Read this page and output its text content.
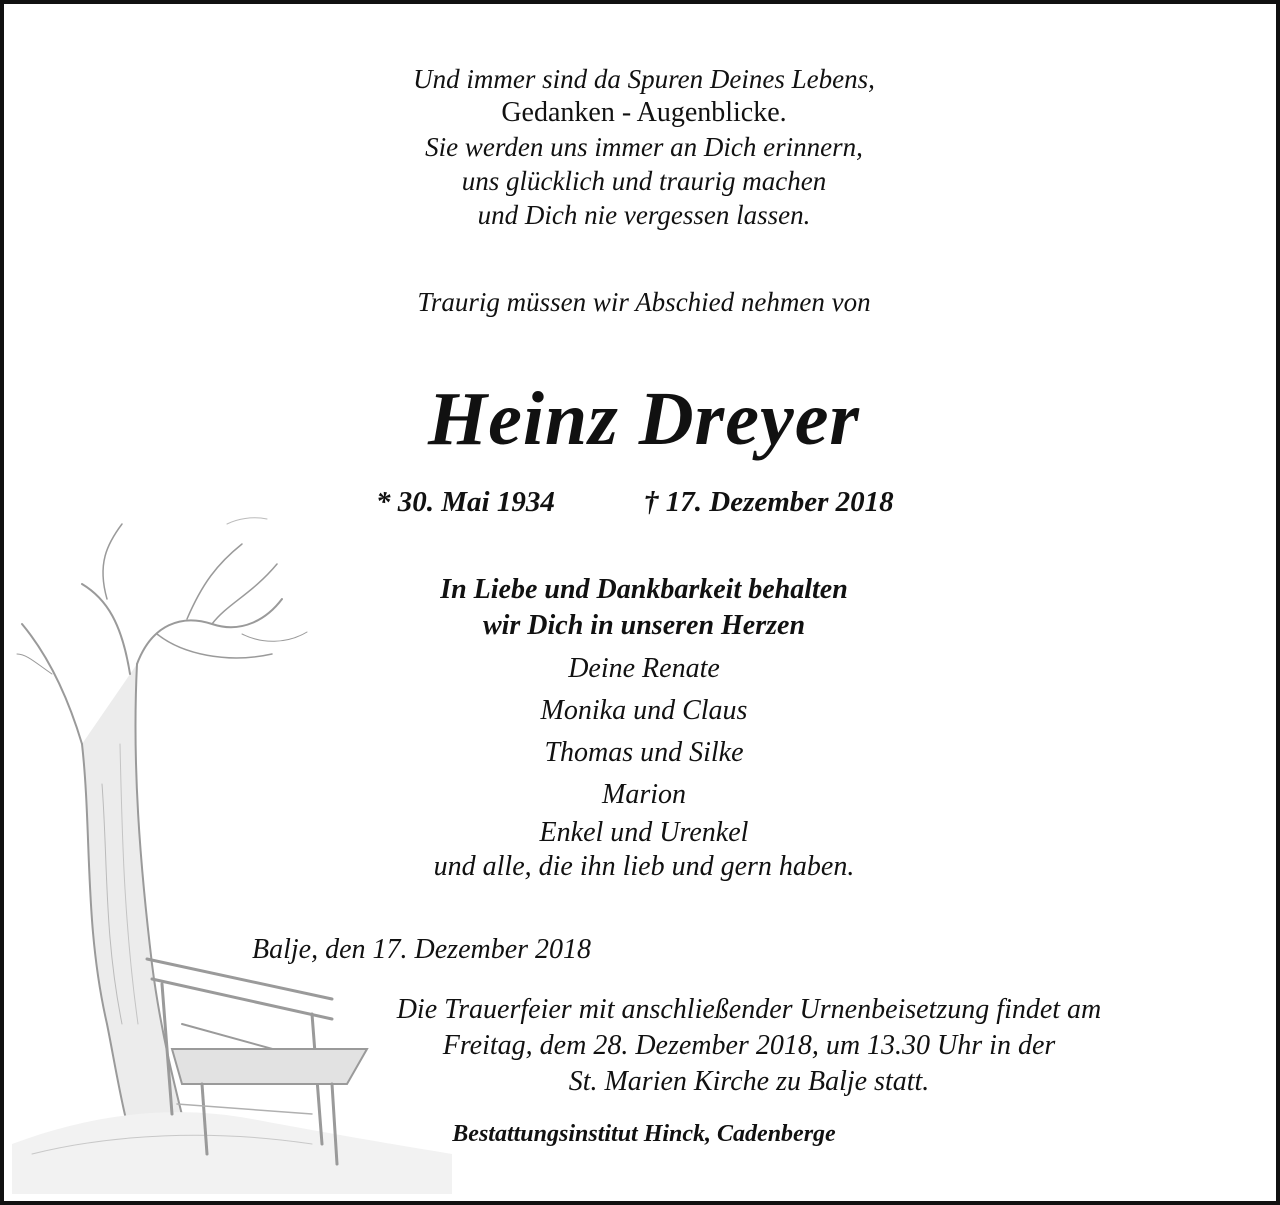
Und immer sind da Spuren Deines Lebens,
Gedanken - Augenblicke.
Sie werden uns immer an Dich erinnern,
uns glücklich und traurig machen
und Dich nie vergessen lassen.
Traurig müssen wir Abschied nehmen von
Heinz Dreyer
* 30. Mai 1934	† 17. Dezember 2018
In Liebe und Dankbarkeit behalten
wir Dich in unseren Herzen
Deine Renate
Monika und Claus
Thomas und Silke
Marion
Enkel und Urenkel
und alle, die ihn lieb und gern haben.
Balje, den 17. Dezember 2018
Die Trauerfeier mit anschließender Urnenbeisetzung findet am
Freitag, dem 28. Dezember 2018, um 13.30 Uhr in der
St. Marien Kirche zu Balje statt.
Bestattungsinstitut Hinck, Cadenberge
